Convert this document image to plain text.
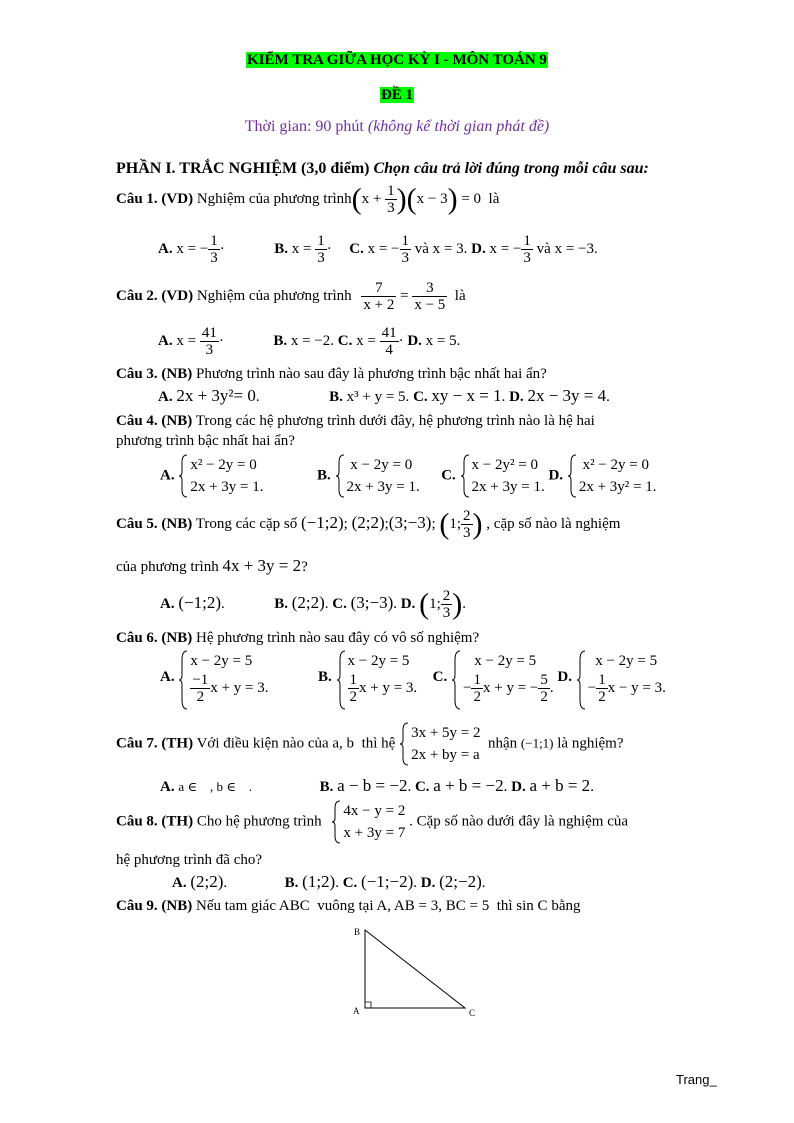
KIỂM TRA GIỮA HỌC KỲ I - MÔN TOÁN 9
ĐỀ 1
Thời gian: 90 phút (không kể thời gian phát đề)
PHẦN I. TRẮC NGHIỆM (3,0 điểm) Chọn câu trả lời đúng trong mỗi câu sau:
Câu 1. (VD) Nghiệm của phương trình(x + $\frac{1}{3} )(x - 3) = 0$  là
A. x = − $\frac{1}{3}$ ·	B. $x = \frac{1}{3} \cdot C$. x = − $\frac{1}{3}$ và x = 3. D. x = − $\frac{1}{3}$ và x = −3.
Câu 2. (VD) Nghiệm của phương trình $\frac{7}{x + 2} = \frac{3}{x - 5}$ là
A. $x = \frac{41}{3}$ ·	B. x = −2. C. $x = \frac{41}{4} \cdot D$. x = 5.
Câu 3. (NB) Phương trình nào sau đây là phương trình bậc nhất hai ẩn?
A. 2x + 3y²= 0.	B. x³ + y = 5. C. xy − x = 1. D. 2x − 3y = 4.
Câu 4. (NB) Trong các hệ phương trình dưới đây, hệ phương trình nào là hệ hai
phương trình bậc nhất hai ẩn?
A.
x² − 2y = 0
2x + 3y = 1.
B.
x − 2y = 0
2x + 3y = 1.
C.
x − 2y² = 0
2x + 3y = 1.
D.
x² − 2y = 0
2x + 3y² = 1.
Câu 5. (NB) Trong các cặp số (−1;2); (2;2);(3;−3); (1; $\frac{2}{3}$ ) , cặp số nào là nghiệm
của phương trình 4x + 3y = 2?
A. (−1;2).	B. (2;2). C. (3;−3). D. (1; $\frac{2}{3}$ ).
Câu 6. (NB) Hệ phương trình nào sau đây có vô số nghiệm?
A.
x − 2y = 5
$\frac{-1}{2}$ x + y = 3.
B.
x − 2y = 5
$\frac{1}{2}$ x + y = 3.
C.
x − 2y = 5
− $\frac{1}{2}$ x + y = − $\frac{5}{2}$ .
D.
x − 2y = 5
− $\frac{1}{2}$ x − y = 3.
Câu 7. (TH) Với điều kiện nào của a, b  thì hệ
3x + 5y = 2
2x + by = a
nhận (−1;1) là nghiệm?
A. a ∈    , b ∈    .	B. a − b = −2. C. a + b = −2. D. a + b = 2.
Câu 8. (TH) Cho hệ phương trình
4x − y = 2
x + 3y = 7
. Cặp số nào dưới đây là nghiệm của
hệ phương trình đã cho?
A. (2;2).	B. (1;2). C. (−1;−2). D. (2;−2).
Câu 9. (NB) Nếu tam giác ABC  vuông tại A, AB = 3, BC = 5  thì sin C bằng
B
A	C
Trang_
